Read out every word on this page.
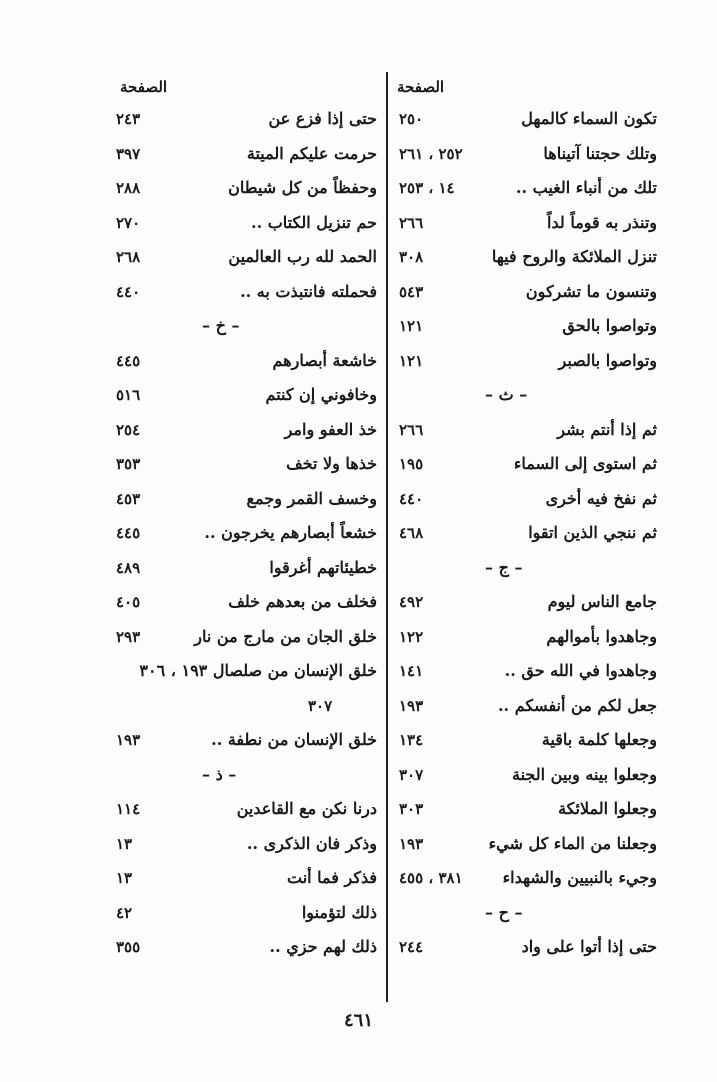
الصفحة
تكون السماء كالمهل
٢٥٠
وتلك حجتنا آتيناها
٢٥٢ ، ٢٦١
تلك من أنباء الغيب ..
١٤ ، ٢٥٣
وتنذر به قوماً لداً
٢٦٦
تنزل الملائكة والروح فيها
٣٠٨
وتنسون ما تشركون
٥٤٣
وتواصوا بالحق
١٢١
وتواصوا بالصبر
١٢١
– ث –
ثم إذا أنتم بشر
٢٦٦
ثم استوى إلى السماء
١٩٥
ثم نفخ فيه أخرى
٤٤٠
ثم ننجي الذين اتقوا
٤٦٨
– ج –
جامع الناس ليوم
٤٩٢
وجاهدوا بأموالهم
١٢٢
وجاهدوا في الله حق ..
١٤١
جعل لكم من أنفسكم ..
١٩٣
وجعلها كلمة باقية
١٣٤
وجعلوا بينه وبين الجنة
٣٠٧
وجعلوا الملائكة
٣٠٣
وجعلنا من الماء كل شيء
١٩٣
وجيء بالنبيين والشهداء
٣٨١ ، ٤٥٥
– ح –
حتى إذا أتوا على واد
٢٤٤
الصفحة
حتى إذا فزع عن
٢٤٣
حرمت عليكم الميتة
٣٩٧
وحفظاً من كل شيطان
٢٨٨
حم تنزيل الكتاب ..
٢٧٠
الحمد لله رب العالمين
٢٦٨
فحملته فانتبذت به ..
٤٤٠
– خ –
خاشعة أبصارهم
٤٤٥
وخافوني إن كنتم
٥١٦
خذ العفو وامر
٢٥٤
خذها ولا تخف
٣٥٣
وخسف القمر وجمع
٤٥٣
خشعاً أبصارهم يخرجون ..
٤٤٥
خطيئاتهم أغرقوا
٤٨٩
فخلف من بعدهم خلف
٤٠٥
خلق الجان من مارج من نار
٢٩٣
خلق الإنسان من صلصال ١٩٣ ، ٣٠٦
٣٠٧
خلق الإنسان من نطفة ..
١٩٣
– ذ –
درنا نكن مع القاعدين
١١٤
وذكر فان الذكرى ..
١٣
فذكر فما أنت
١٣
ذلك لتؤمنوا
٤٢
ذلك لهم حزي ..
٣٥٥
٤٦١
